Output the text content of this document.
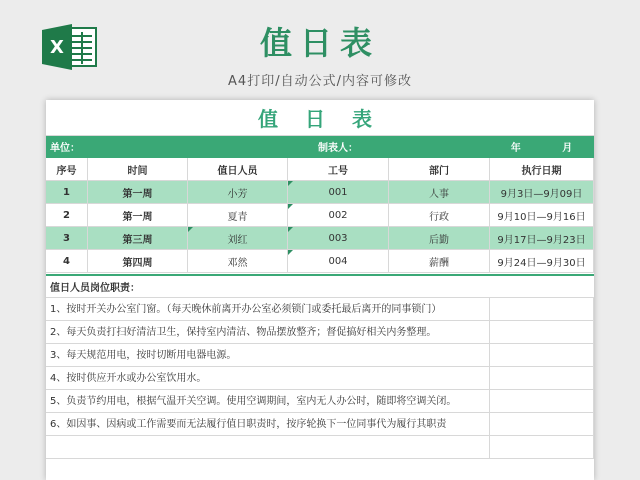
X	值日表
A4打印/自动公式/内容可修改
值 日 表
单位：	制表人：	年	月
序号	时间	值日人员	工号	部门	执行日期
1	第一周	小芳	001	人事	9月3日—9月09日
2	第一周	夏青	002	行政	9月10日—9月16日
3	第三周	刘红	003	后勤	9月17日—9月23日
4	第四周	邓然	004	薪酬	9月24日—9月30日
值日人员岗位职责：
1、按时开关办公室门窗。（每天晚休前离开办公室必须锁门或委托最后离开的同事锁门）
2、每天负责打扫好清洁卫生，保持室内清洁、物品摆放整齐；督促搞好相关内务整理。
3、每天规范用电，按时切断用电器电源。
4、按时供应开水或办公室饮用水。
5、负责节约用电，根据气温开关空调。使用空调期间，室内无人办公时，随即将空调关闭。
6、如因事、因病或工作需要而无法履行值日职责时，按序轮换下一位同事代为履行其职责
